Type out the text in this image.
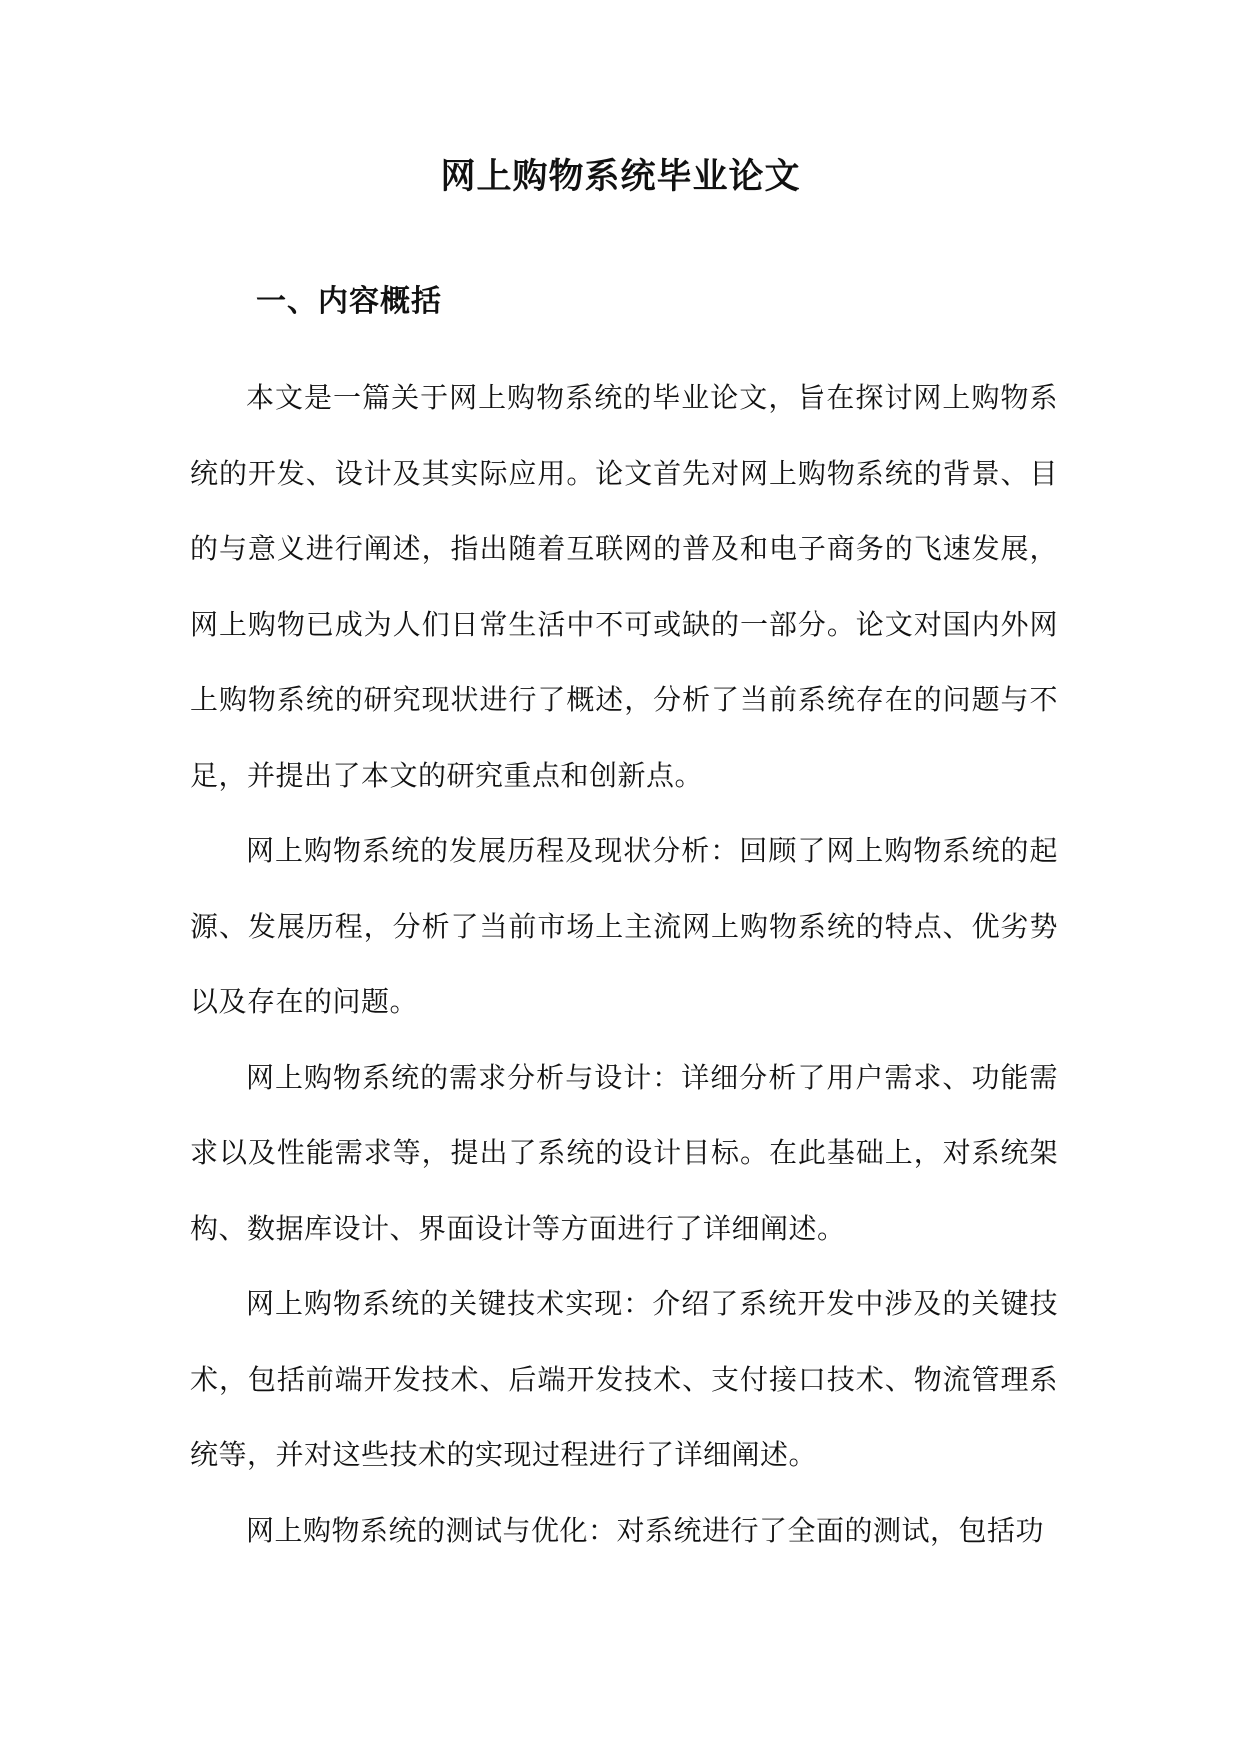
网上购物系统毕业论文
一、内容概括

本文是一篇关于网上购物系统的毕业论文，旨在探讨网上购物系统的开发、设计及其实际应用。论文首先对网上购物系统的背景、目的与意义进行阐述，指出随着互联网的普及和电子商务的飞速发展，网上购物已成为人们日常生活中不可或缺的一部分。论文对国内外网上购物系统的研究现状进行了概述，分析了当前系统存在的问题与不足，并提出了本文的研究重点和创新点。

网上购物系统的发展历程及现状分析：回顾了网上购物系统的起源、发展历程，分析了当前市场上主流网上购物系统的特点、优劣势以及存在的问题。

网上购物系统的需求分析与设计：详细分析了用户需求、功能需求以及性能需求等，提出了系统的设计目标。在此基础上，对系统架构、数据库设计、界面设计等方面进行了详细阐述。

网上购物系统的关键技术实现：介绍了系统开发中涉及的关键技术，包括前端开发技术、后端开发技术、支付接口技术、物流管理系统等，并对这些技术的实现过程进行了详细阐述。

网上购物系统的测试与优化：对系统进行了全面的测试，包括功
